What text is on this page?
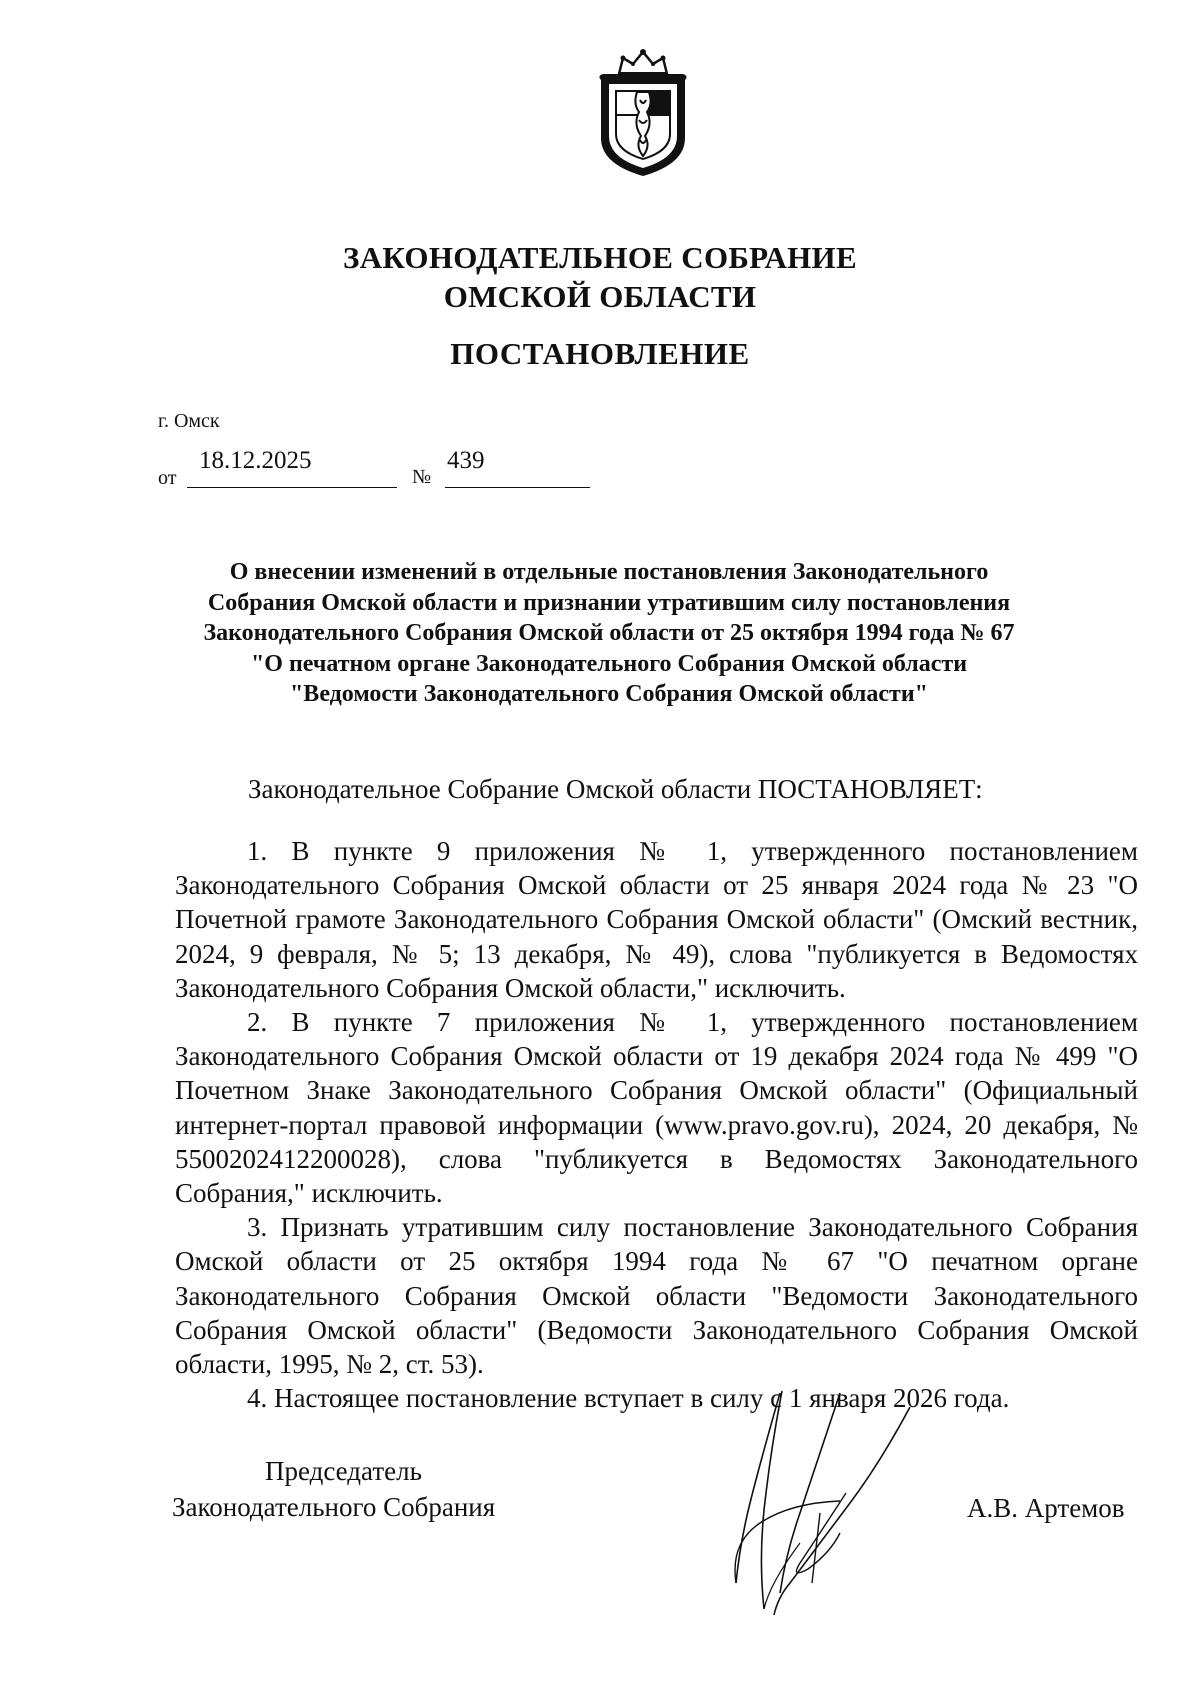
ЗАКОНОДАТЕЛЬНОЕ СОБРАНИЕ
ОМСКОЙ ОБЛАСТИ
ПОСТАНОВЛЕНИЕ
г. Омск
от
18.12.2025
№
439
О внесении изменений в отдельные постановления Законодательного
Собрания Омской области и признании утратившим силу постановления
Законодательного Собрания Омской области от 25 октября 1994 года № 67
"О печатном органе Законодательного Собрания Омской области
"Ведомости Законодательного Собрания Омской области"
Законодательное Собрание Омской области ПОСТАНОВЛЯЕТ:

1. В пункте 9 приложения № 1, утвержденного постановлением Законодательного Собрания Омской области от 25 января 2024 года № 23 "О Почетной грамоте Законодательного Собрания Омской области" (Омский вестник, 2024, 9 февраля, № 5; 13 декабря, № 49), слова "публикуется в Ведомостях Законодательного Собрания Омской области," исключить.

2. В пункте 7 приложения № 1, утвержденного постановлением Законодательного Собрания Омской области от 19 декабря 2024 года № 499 "О Почетном Знаке Законодательного Собрания Омской области" (Официальный интернет-портал правовой информации (www.pravo.gov.ru), 2024, 20 декабря, № 5500202412200028), слова "публикуется в Ведомостях Законодательного Собрания," исключить.

3. Признать утратившим силу постановление Законодательного Собрания Омской области от 25 октября 1994 года № 67 "О печатном органе Законодательного Собрания Омской области "Ведомости Законодательного Собрания Омской области" (Ведомости Законодательного Собрания Омской области, 1995, № 2, ст. 53).

4. Настоящее постановление вступает в силу с 1 января 2026 года.

Председатель
Законодательного Собрания	А.В. Артемов
